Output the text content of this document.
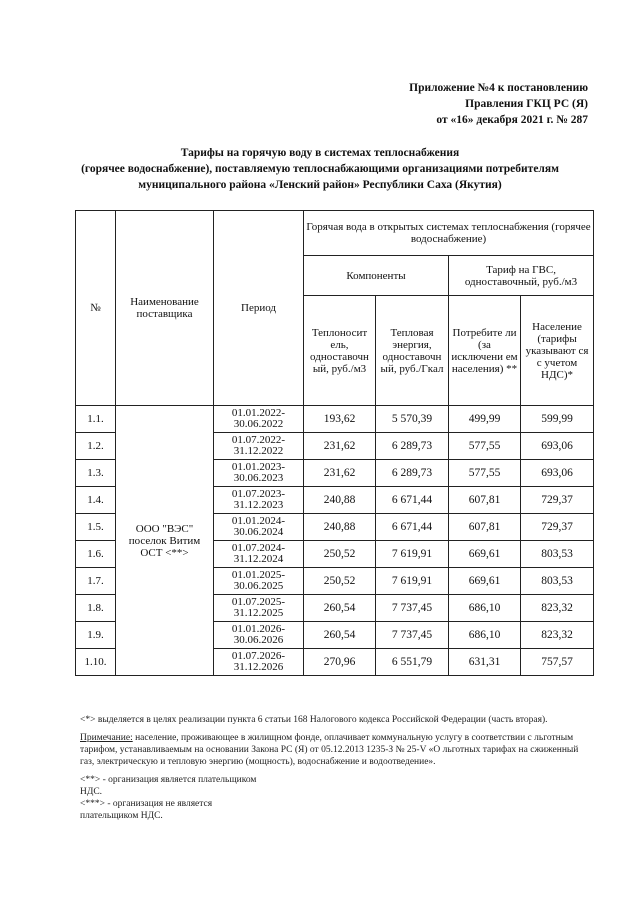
Приложение №4 к постановлению
Правления ГКЦ РС (Я)
от «16» декабря 2021 г. № 287
Тарифы на горячую воду в системах теплоснабжения
(горячее водоснабжение), поставляемую теплоснабжающими организациями потребителям
муниципального района «Ленский район» Республики Саха (Якутия)
№	Наименование поставщика	Период	Горячая вода в открытых системах теплоснабжения (горячее водоснабжение)			
			Компоненты		Тариф на ГВС, одноставочный, руб./м3	
			Теплоносит ель, одноставочн ый, руб./м3	Тепловая энергия, одноставочн ый, руб./Гкал	Потребите ли (за исключени ем населения) **	Население (тарифы указывают ся с учетом НДС)*
1.1.	ООО "ВЭС" поселок Витим ОСТ <**>	01.01.2022-30.06.2022	193,62	5 570,39	499,99	599,99
1.2.		01.07.2022-31.12.2022	231,62	6 289,73	577,55	693,06
1.3.		01.01.2023-30.06.2023	231,62	6 289,73	577,55	693,06
1.4.		01.07.2023-31.12.2023	240,88	6 671,44	607,81	729,37
1.5.		01.01.2024-30.06.2024	240,88	6 671,44	607,81	729,37
1.6.		01.07.2024-31.12.2024	250,52	7 619,91	669,61	803,53
1.7.		01.01.2025-30.06.2025	250,52	7 619,91	669,61	803,53
1.8.		01.07.2025-31.12.2025	260,54	7 737,45	686,10	823,32
1.9.		01.01.2026-30.06.2026	260,54	7 737,45	686,10	823,32
1.10.		01.07.2026-31.12.2026	270,96	6 551,79	631,31	757,57

<*> выделяется в целях реализации пункта 6 статьи 168 Налогового кодекса Российской Федерации (часть вторая).

Примечание: население, проживающее в жилищном фонде, оплачивает коммунальную услугу в соответствии с льготным тарифом, устанавливаемым на основании Закона РС (Я) от 05.12.2013 1235-З № 25-V «О льготных тарифах на сжиженный газ, электрическую и тепловую энергию (мощность), водоснабжение и водоотведение».

<**> - организация является плательщиком
НДС.
<***> - организация не является
плательщиком НДС.
